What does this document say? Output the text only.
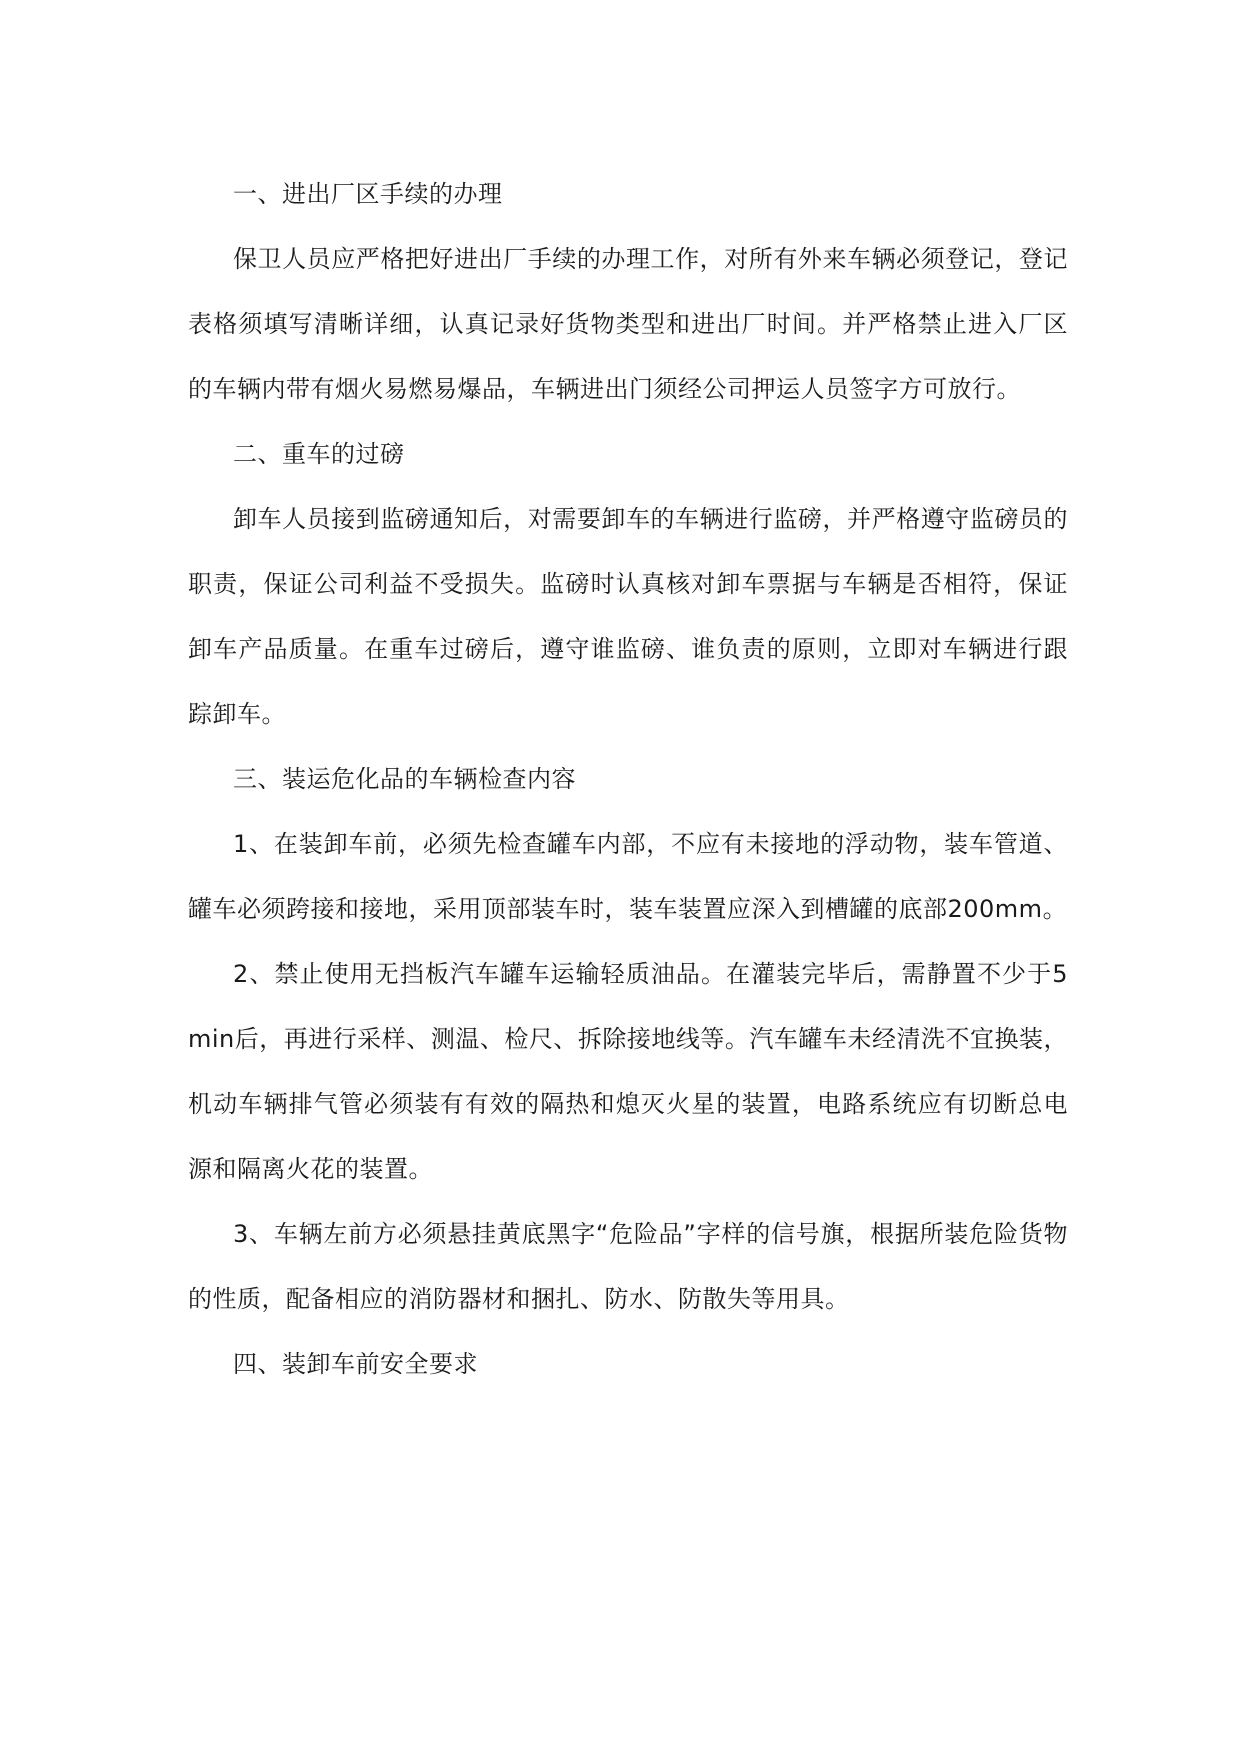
一、进出厂区手续的办理

保卫人员应严格把好进出厂手续的办理工作，对所有外来车辆必须登记，登记表格须填写清晰详细，认真记录好货物类型和进出厂时间。并严格禁止进入厂区的车辆内带有烟火易燃易爆品，车辆进出门须经公司押运人员签字方可放行。

二、重车的过磅

卸车人员接到监磅通知后，对需要卸车的车辆进行监磅，并严格遵守监磅员的职责，保证公司利益不受损失。监磅时认真核对卸车票据与车辆是否相符，保证卸车产品质量。在重车过磅后，遵守谁监磅、谁负责的原则，立即对车辆进行跟踪卸车。

三、装运危化品的车辆检查内容

1、在装卸车前，必须先检查罐车内部，不应有未接地的浮动物，装车管道、罐车必须跨接和接地，采用顶部装车时，装车装置应深入到槽罐的底部200mm。

2、禁止使用无挡板汽车罐车运输轻质油品。在灌装完毕后，需静置不少于5min后，再进行采样、测温、检尺、拆除接地线等。汽车罐车未经清洗不宜换装，机动车辆排气管必须装有有效的隔热和熄灭火星的装置，电路系统应有切断总电源和隔离火花的装置。

3、车辆左前方必须悬挂黄底黑字“危险品”字样的信号旗，根据所装危险货物的性质，配备相应的消防器材和捆扎、防水、防散失等用具。

四、装卸车前安全要求
